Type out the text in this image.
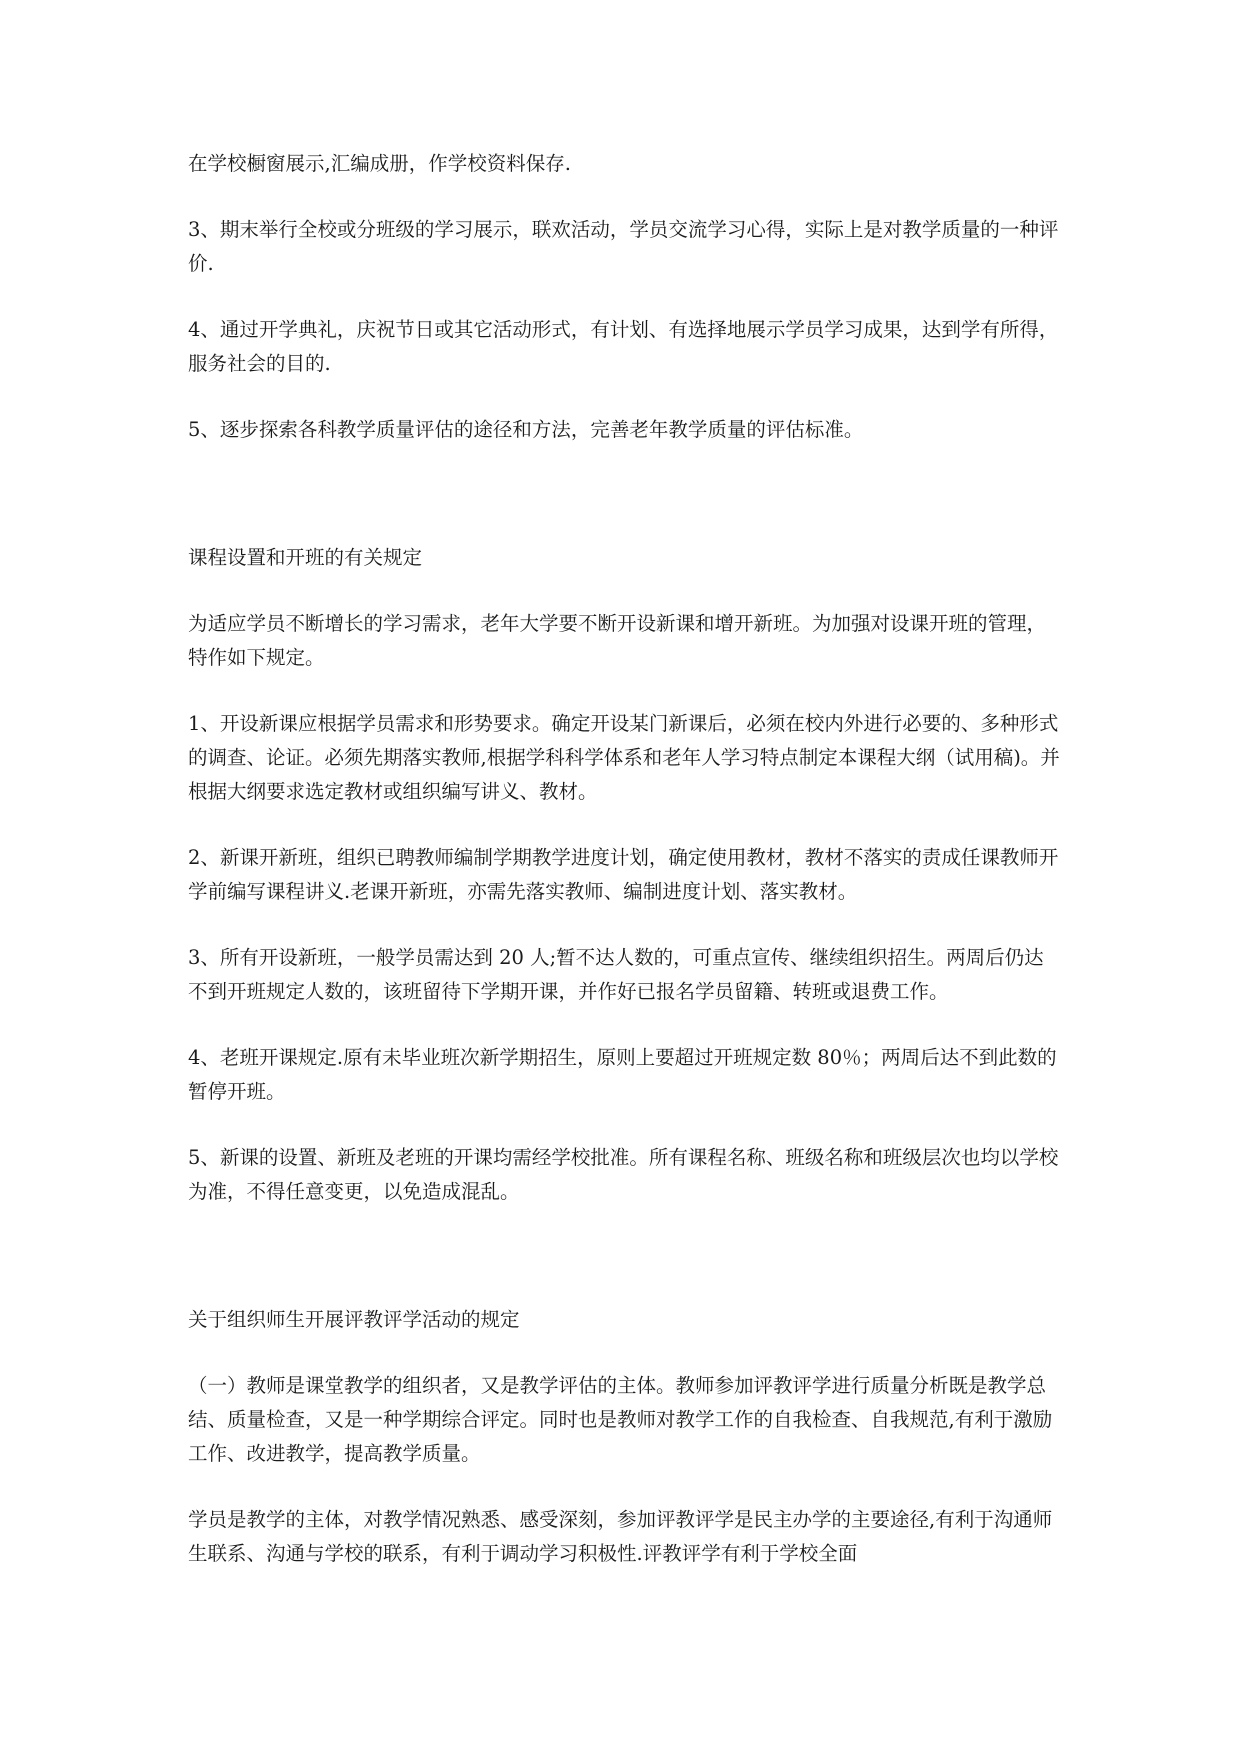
在学校橱窗展示,汇编成册，作学校资料保存.

3、期末举行全校或分班级的学习展示，联欢活动，学员交流学习心得，实际上是对教学质量的一种评价.

4、通过开学典礼，庆祝节日或其它活动形式，有计划、有选择地展示学员学习成果，达到学有所得，服务社会的目的.

5、逐步探索各科教学质量评估的途径和方法，完善老年教学质量的评估标准。

课程设置和开班的有关规定

为适应学员不断增长的学习需求，老年大学要不断开设新课和增开新班。为加强对设课开班的管理，特作如下规定。

1、开设新课应根据学员需求和形势要求。确定开设某门新课后，必须在校内外进行必要的、多种形式的调查、论证。必须先期落实教师,根据学科科学体系和老年人学习特点制定本课程大纲（试用稿)。并根据大纲要求选定教材或组织编写讲义、教材。

2、新课开新班，组织已聘教师编制学期教学进度计划，确定使用教材，教材不落实的责成任课教师开学前编写课程讲义.老课开新班，亦需先落实教师、编制进度计划、落实教材。

3、所有开设新班，一般学员需达到 20 人;暂不达人数的，可重点宣传、继续组织招生。两周后仍达不到开班规定人数的，该班留待下学期开课，并作好已报名学员留籍、转班或退费工作。

4、老班开课规定.原有未毕业班次新学期招生，原则上要超过开班规定数 80％；两周后达不到此数的暂停开班。

5、新课的设置、新班及老班的开课均需经学校批准。所有课程名称、班级名称和班级层次也均以学校为准，不得任意变更，以免造成混乱。

关于组织师生开展评教评学活动的规定

（一）教师是课堂教学的组织者，又是教学评估的主体。教师参加评教评学进行质量分析既是教学总结、质量检查，又是一种学期综合评定。同时也是教师对教学工作的自我检查、自我规范,有利于激励工作、改进教学，提高教学质量。

学员是教学的主体，对教学情况熟悉、感受深刻，参加评教评学是民主办学的主要途径,有利于沟通师生联系、沟通与学校的联系，有利于调动学习积极性.评教评学有利于学校全面
